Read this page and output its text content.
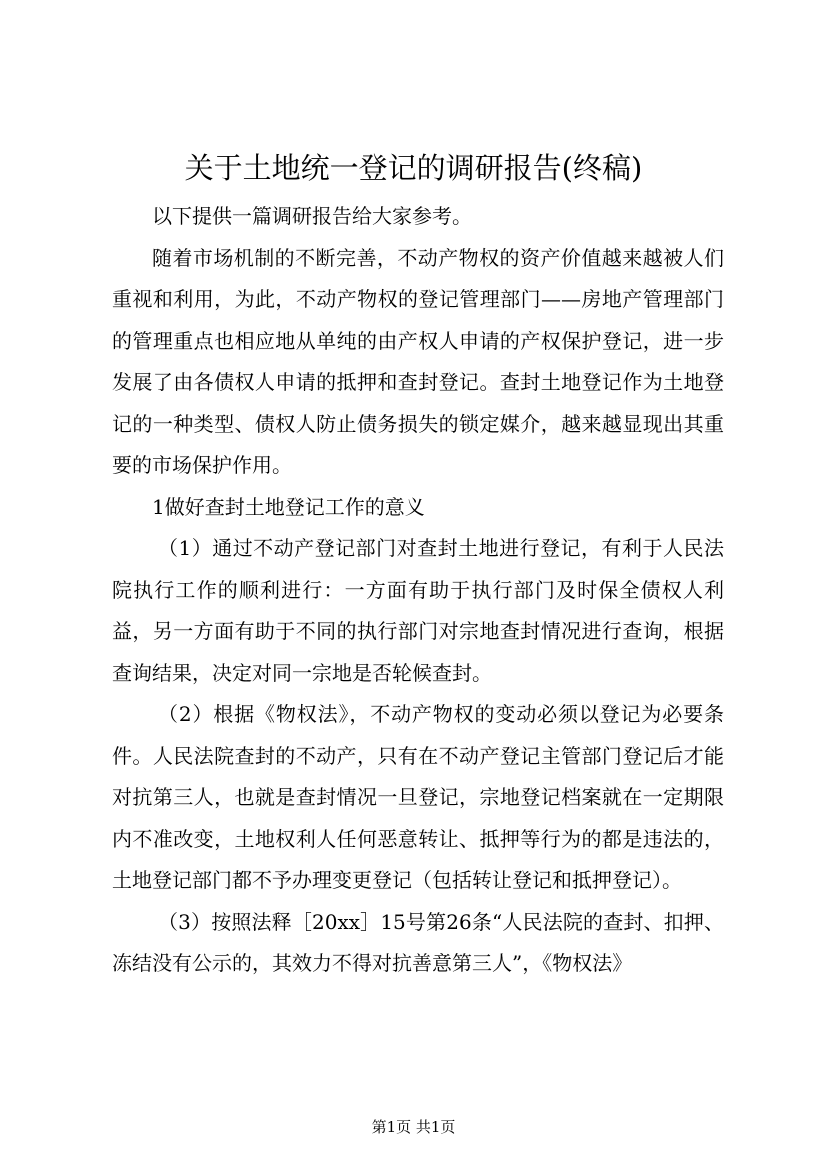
关于土地统一登记的调研报告(终稿)

以下提供一篇调研报告给大家参考。

随着市场机制的不断完善，不动产物权的资产价值越来越被人们重视和利用，为此，不动产物权的登记管理部门——房地产管理部门的管理重点也相应地从单纯的由产权人申请的产权保护登记，进一步发展了由各债权人申请的抵押和查封登记。查封土地登记作为土地登记的一种类型、债权人防止债务损失的锁定媒介，越来越显现出其重要的市场保护作用。

1做好查封土地登记工作的意义

（1）通过不动产登记部门对查封土地进行登记，有利于人民法院执行工作的顺利进行：一方面有助于执行部门及时保全债权人利益，另一方面有助于不同的执行部门对宗地查封情况进行查询，根据查询结果，决定对同一宗地是否轮候查封。

（2）根据《物权法》，不动产物权的变动必须以登记为必要条件。人民法院查封的不动产，只有在不动产登记主管部门登记后才能对抗第三人，也就是查封情况一旦登记，宗地登记档案就在一定期限内不准改变，土地权利人任何恶意转让、抵押等行为的都是违法的，土地登记部门都不予办理变更登记（包括转让登记和抵押登记）。

（3）按照法释［20xx］15号第26条“人民法院的查封、扣押、冻结没有公示的，其效力不得对抗善意第三人”，《物权法》

第1页 共1页
